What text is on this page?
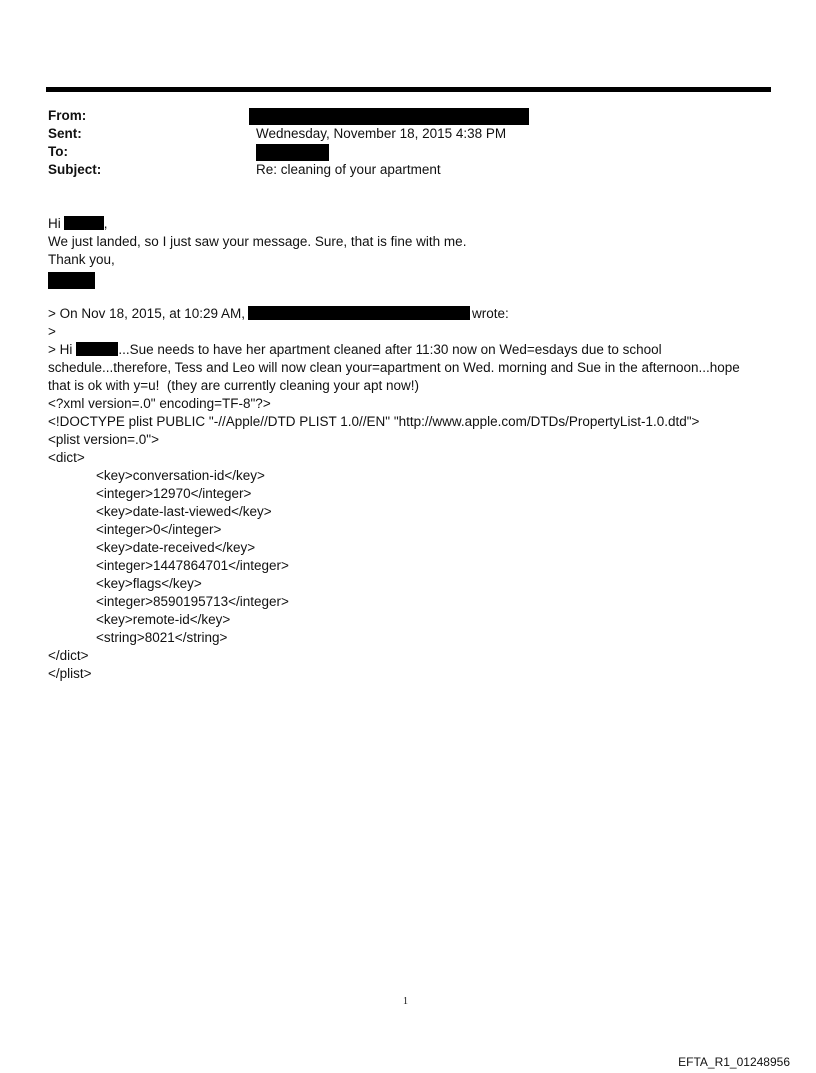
From:
Sent:	Wednesday, November 18, 2015 4:38 PM
To:
Subject:	Re: cleaning of your apartment
Hi	,
We just landed, so I just saw your message. Sure, that is fine with me.
Thank you,
> On Nov 18, 2015, at 10:29 AM,	wrote:
>
> Hi	...Sue needs to have her apartment cleaned after 11:30 now on Wed=esdays due to school
schedule...therefore, Tess and Leo will now clean your=apartment on Wed. morning and Sue in the afternoon...hope
that is ok with y=u!  (they are currently cleaning your apt now!)
<?xml version=.0" encoding=TF-8"?>
<!DOCTYPE plist PUBLIC "-//Apple//DTD PLIST 1.0//EN" "http://www.apple.com/DTDs/PropertyList-1.0.dtd">
<plist version=.0">
<dict>
<key>conversation-id</key>
<integer>12970</integer>
<key>date-last-viewed</key>
<integer>0</integer>
<key>date-received</key>
<integer>1447864701</integer>
<key>flags</key>
<integer>8590195713</integer>
<key>remote-id</key>
<string>8021</string>
</dict>
</plist>
1
EFTA_R1_01248956
